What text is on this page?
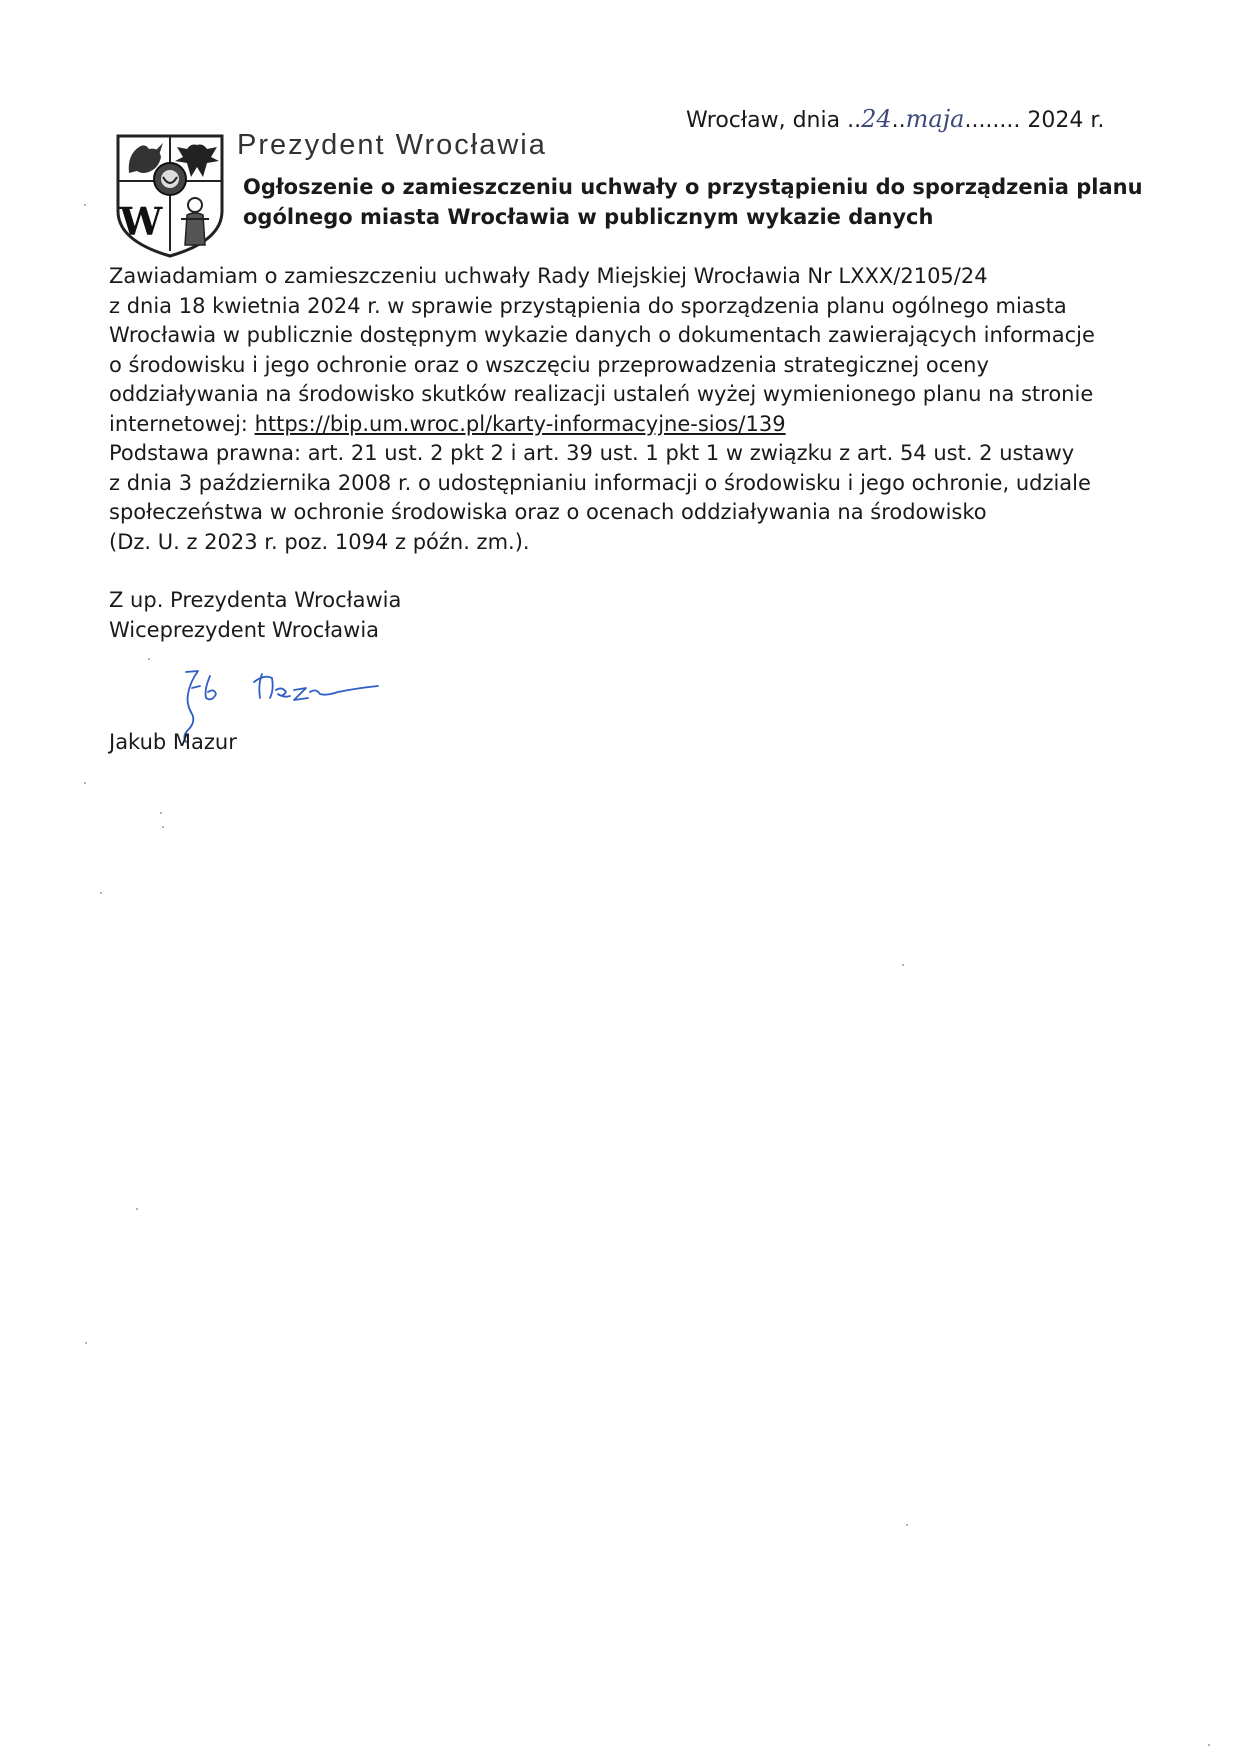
Wrocław, dnia ..24..maja........ 2024 r.
W
Prezydent Wrocławia
Ogłoszenie o zamieszczeniu uchwały o przystąpieniu do sporządzenia planu
ogólnego miasta Wrocławia w publicznym wykazie danych
Zawiadamiam o zamieszczeniu uchwały Rady Miejskiej Wrocławia Nr LXXX/2105/24
z dnia 18 kwietnia 2024 r. w sprawie przystąpienia do sporządzenia planu ogólnego miasta
Wrocławia w publicznie dostępnym wykazie danych o dokumentach zawierających informacje
o środowisku i jego ochronie oraz o wszczęciu przeprowadzenia strategicznej oceny
oddziaływania na środowisko skutków realizacji ustaleń wyżej wymienionego planu na stronie
internetowej: https://bip.um.wroc.pl/karty-informacyjne-sios/139
Podstawa prawna: art. 21 ust. 2 pkt 2 i art. 39 ust. 1 pkt 1 w związku z art. 54 ust. 2 ustawy
z dnia 3 października 2008 r. o udostępnianiu informacji o środowisku i jego ochronie, udziale
społeczeństwa w ochronie środowiska oraz o ocenach oddziaływania na środowisko
(Dz. U. z 2023 r. poz. 1094 z późn. zm.).
Z up. Prezydenta Wrocławia
Wiceprezydent Wrocławia
Jakub Mazur
